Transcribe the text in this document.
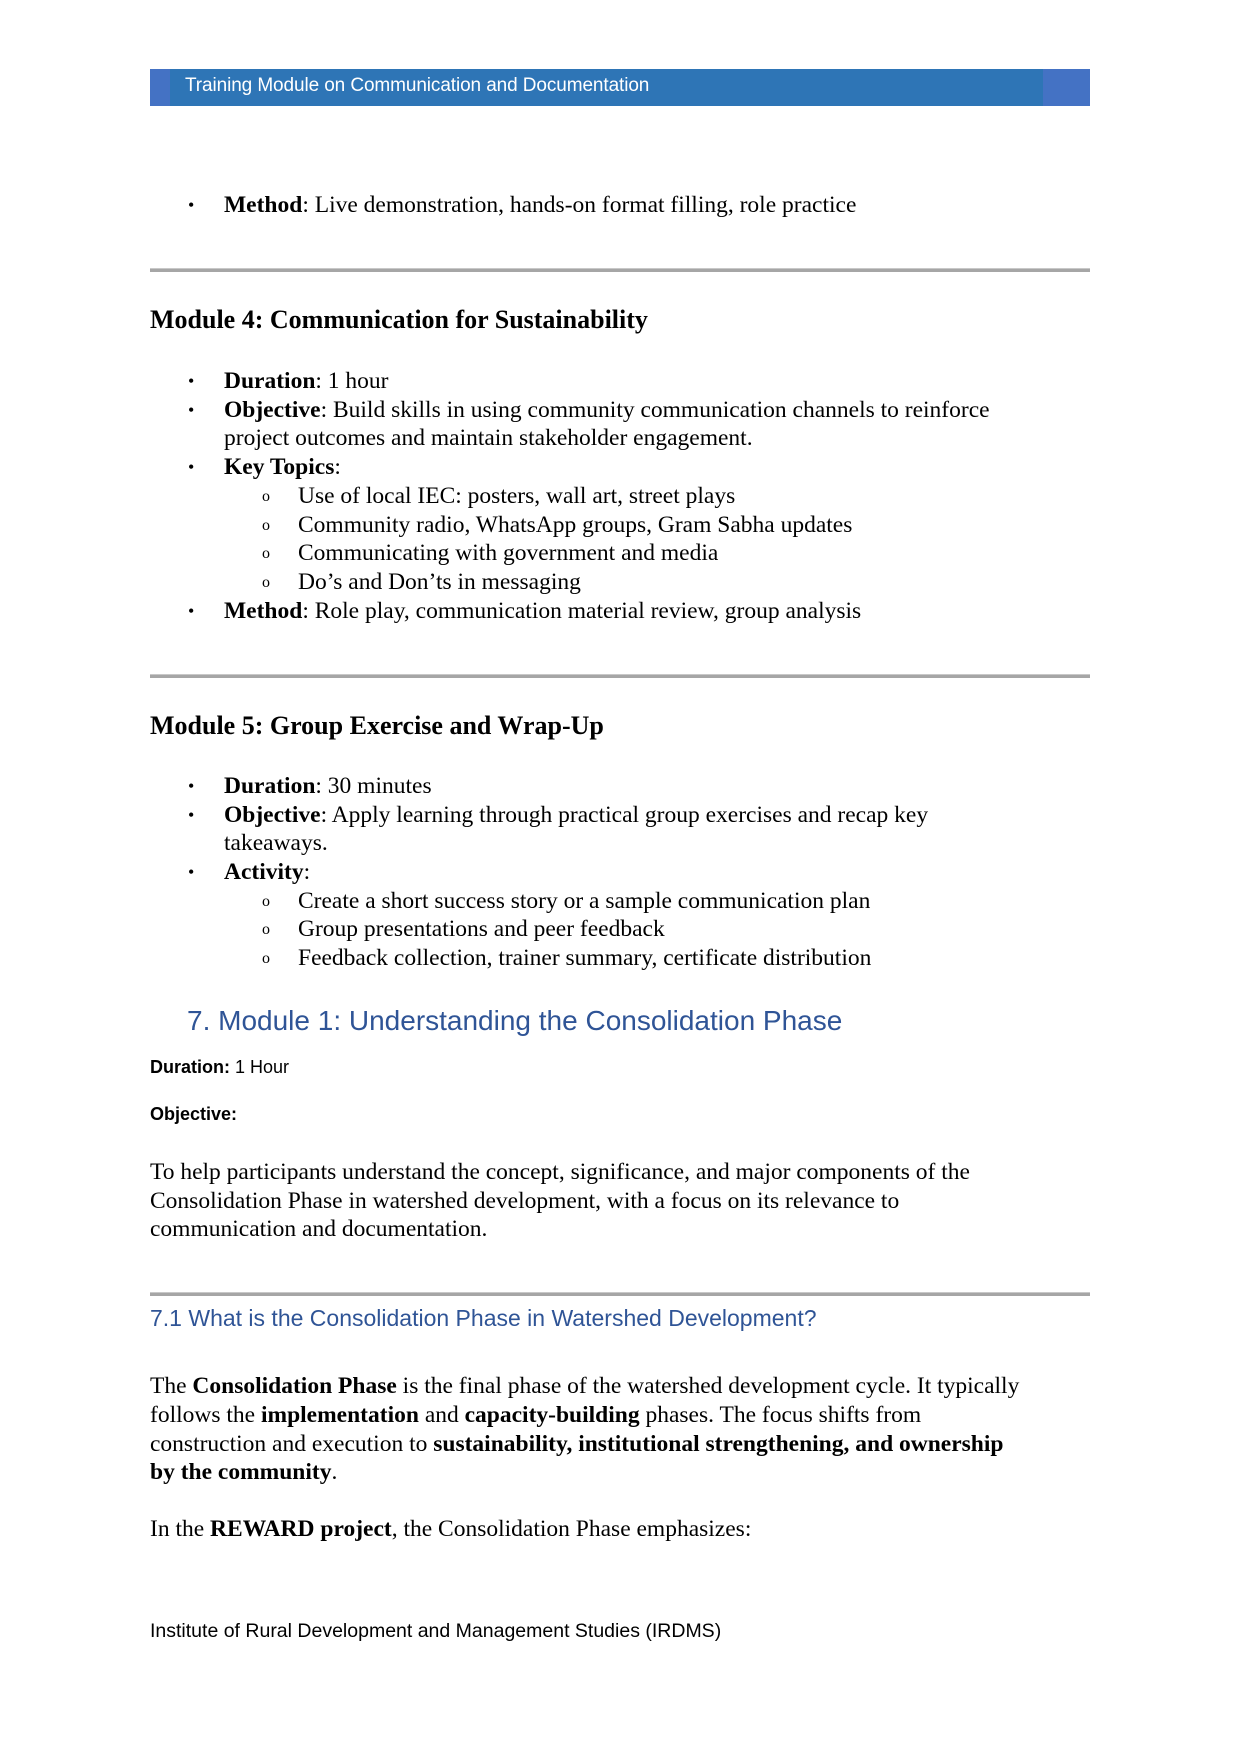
Training Module on Communication and Documentation
• Method: Live demonstration, hands-on format filling, role practice
Module 4: Communication for Sustainability
• Duration: 1 hour
• Objective: Build skills in using community communication channels to reinforce
project outcomes and maintain stakeholder engagement.
• Key Topics:
o Use of local IEC: posters, wall art, street plays
o Community radio, WhatsApp groups, Gram Sabha updates
o Communicating with government and media
o Do’s and Don’ts in messaging
• Method: Role play, communication material review, group analysis
Module 5: Group Exercise and Wrap-Up
• Duration: 30 minutes
• Objective: Apply learning through practical group exercises and recap key
takeaways.
• Activity:
o Create a short success story or a sample communication plan
o Group presentations and peer feedback
o Feedback collection, trainer summary, certificate distribution
7. Module 1: Understanding the Consolidation Phase
Duration: 1 Hour
Objective:
To help participants understand the concept, significance, and major components of the
Consolidation Phase in watershed development, with a focus on its relevance to
communication and documentation.
7.1 What is the Consolidation Phase in Watershed Development?
The Consolidation Phase is the final phase of the watershed development cycle. It typically
follows the implementation and capacity-building phases. The focus shifts from
construction and execution to sustainability, institutional strengthening, and ownership
by the community.
In the REWARD project, the Consolidation Phase emphasizes:
Institute of Rural Development and Management Studies (IRDMS)
